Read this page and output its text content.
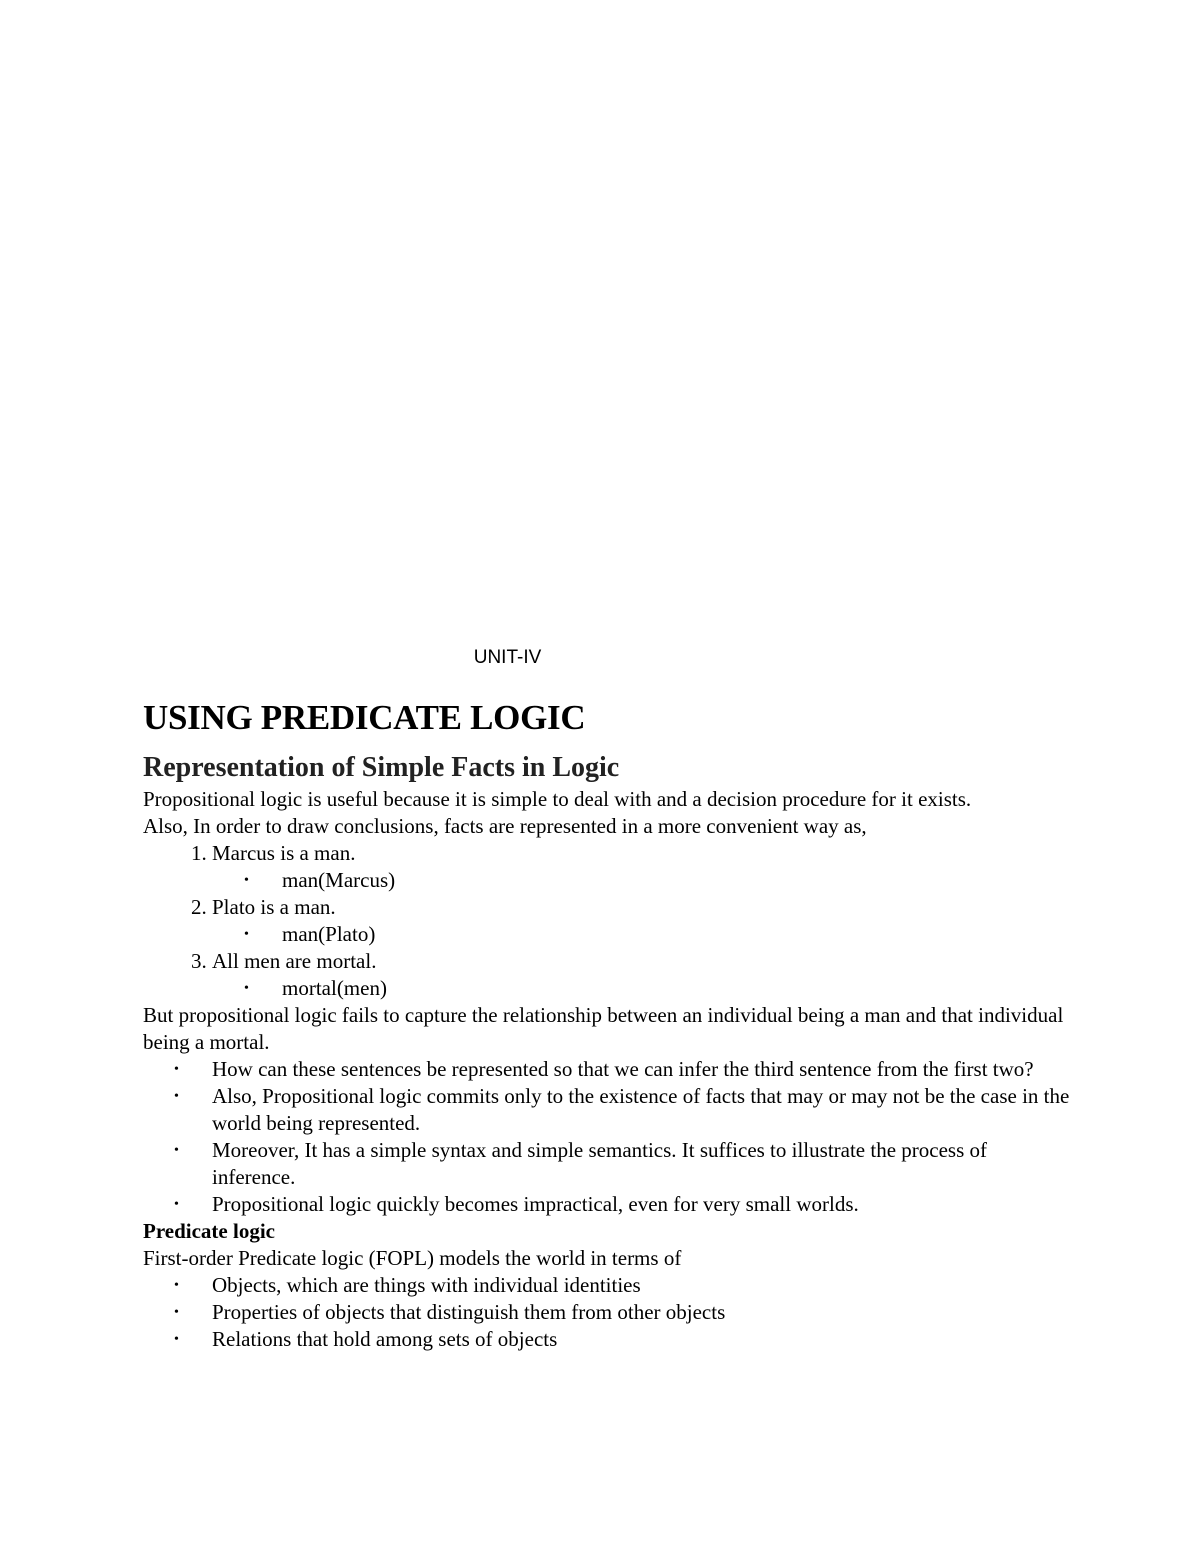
UNIT-IV
USING PREDICATE LOGIC
Representation of Simple Facts in Logic

Propositional logic is useful because it is simple to deal with and a decision procedure for it exists.

Also, In order to draw conclusions, facts are represented in a more convenient way as,

1. Marcus is a man.
• man(Marcus)
2. Plato is a man.
• man(Plato)
3. All men are mortal.
• mortal(men)

But propositional logic fails to capture the relationship between an individual being a man and that individual being a mortal.

• How can these sentences be represented so that we can infer the third sentence from the first two?
• Also, Propositional logic commits only to the existence of facts that may or may not be the case in the world being represented.
• Moreover, It has a simple syntax and simple semantics. It suffices to illustrate the process of inference.
• Propositional logic quickly becomes impractical, even for very small worlds.
Predicate logic

First-order Predicate logic (FOPL) models the world in terms of

• Objects, which are things with individual identities
• Properties of objects that distinguish them from other objects
• Relations that hold among sets of objects
